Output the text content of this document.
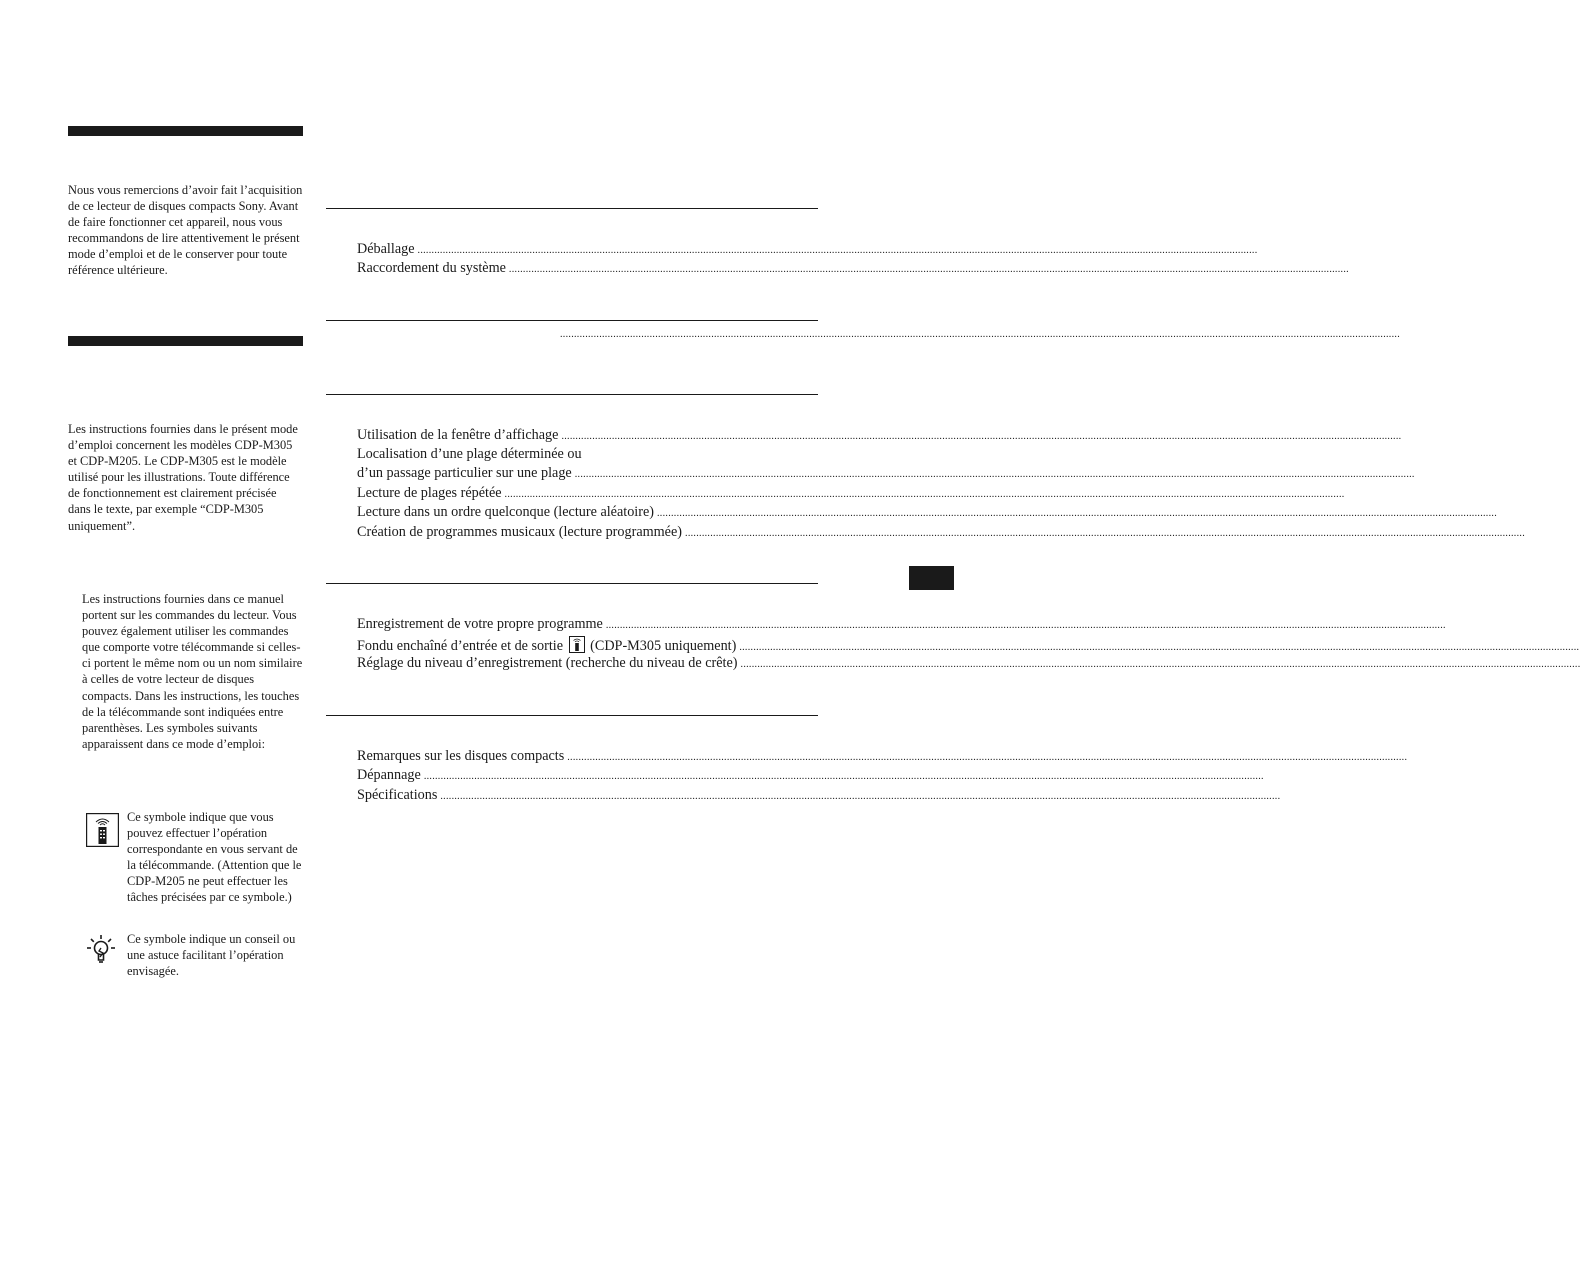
Nous vous remercions d’avoir fait l’acquisition de ce lecteur de disques compacts Sony. Avant de faire fonctionner cet appareil, nous vous recommandons de lire attentivement le présent mode d’emploi et de le conserver pour toute référence ultérieure.

Les instructions fournies dans le présent mode d’emploi concernent les modèles CDP-M305 et CDP-M205. Le CDP-M305 est le modèle utilisé pour les illustrations. Toute différence de fonctionnement est clairement précisée dans le texte, par exemple “CDP-M305 uniquement”.

Les instructions fournies dans ce manuel portent sur les commandes du lecteur. Vous pouvez également utiliser les commandes que comporte votre télécommande si celles-ci portent le même nom ou un nom similaire à celles de votre lecteur de disques compacts. Dans les instructions, les touches de la télécommande sont indiquées entre parenthèses. Les symboles suivants apparaissent dans ce mode d’emploi:

Ce symbole indique que vous pouvez effectuer l’opération correspondante en vous servant de la télécommande. (Attention que le CDP-M205 ne peut effectuer les tâches précisées par ce symbole.)

Ce symbole indique un conseil ou une astuce facilitant l’opération envisagée.

Déballage ............................................................................................................................................................................................................................................................................................................
Raccordement du système ............................................................................................................................................................................................................................................................................................................
............................................................................................................................................................................................................................................................................................................
Utilisation de la fenêtre d’affichage ............................................................................................................................................................................................................................................................................................................
Localisation d’une plage déterminée ou
d’un passage particulier sur une plage ............................................................................................................................................................................................................................................................................................................
Lecture de plages répétée ............................................................................................................................................................................................................................................................................................................
Lecture dans un ordre quelconque (lecture aléatoire) ............................................................................................................................................................................................................................................................................................................
Création de programmes musicaux (lecture programmée) ............................................................................................................................................................................................................................................................................................................
Enregistrement de votre propre programme ............................................................................................................................................................................................................................................................................................................
Fondu enchaîné d’entrée et de sortie (CDP-M305 uniquement) ............................................................................................................................................................................................................................................................................................................
Réglage du niveau d’enregistrement (recherche du niveau de crête) ............................................................................................................................................................................................................................................................................................................
Remarques sur les disques compacts ............................................................................................................................................................................................................................................................................................................
Dépannage ............................................................................................................................................................................................................................................................................................................
Spécifications ............................................................................................................................................................................................................................................................................................................
